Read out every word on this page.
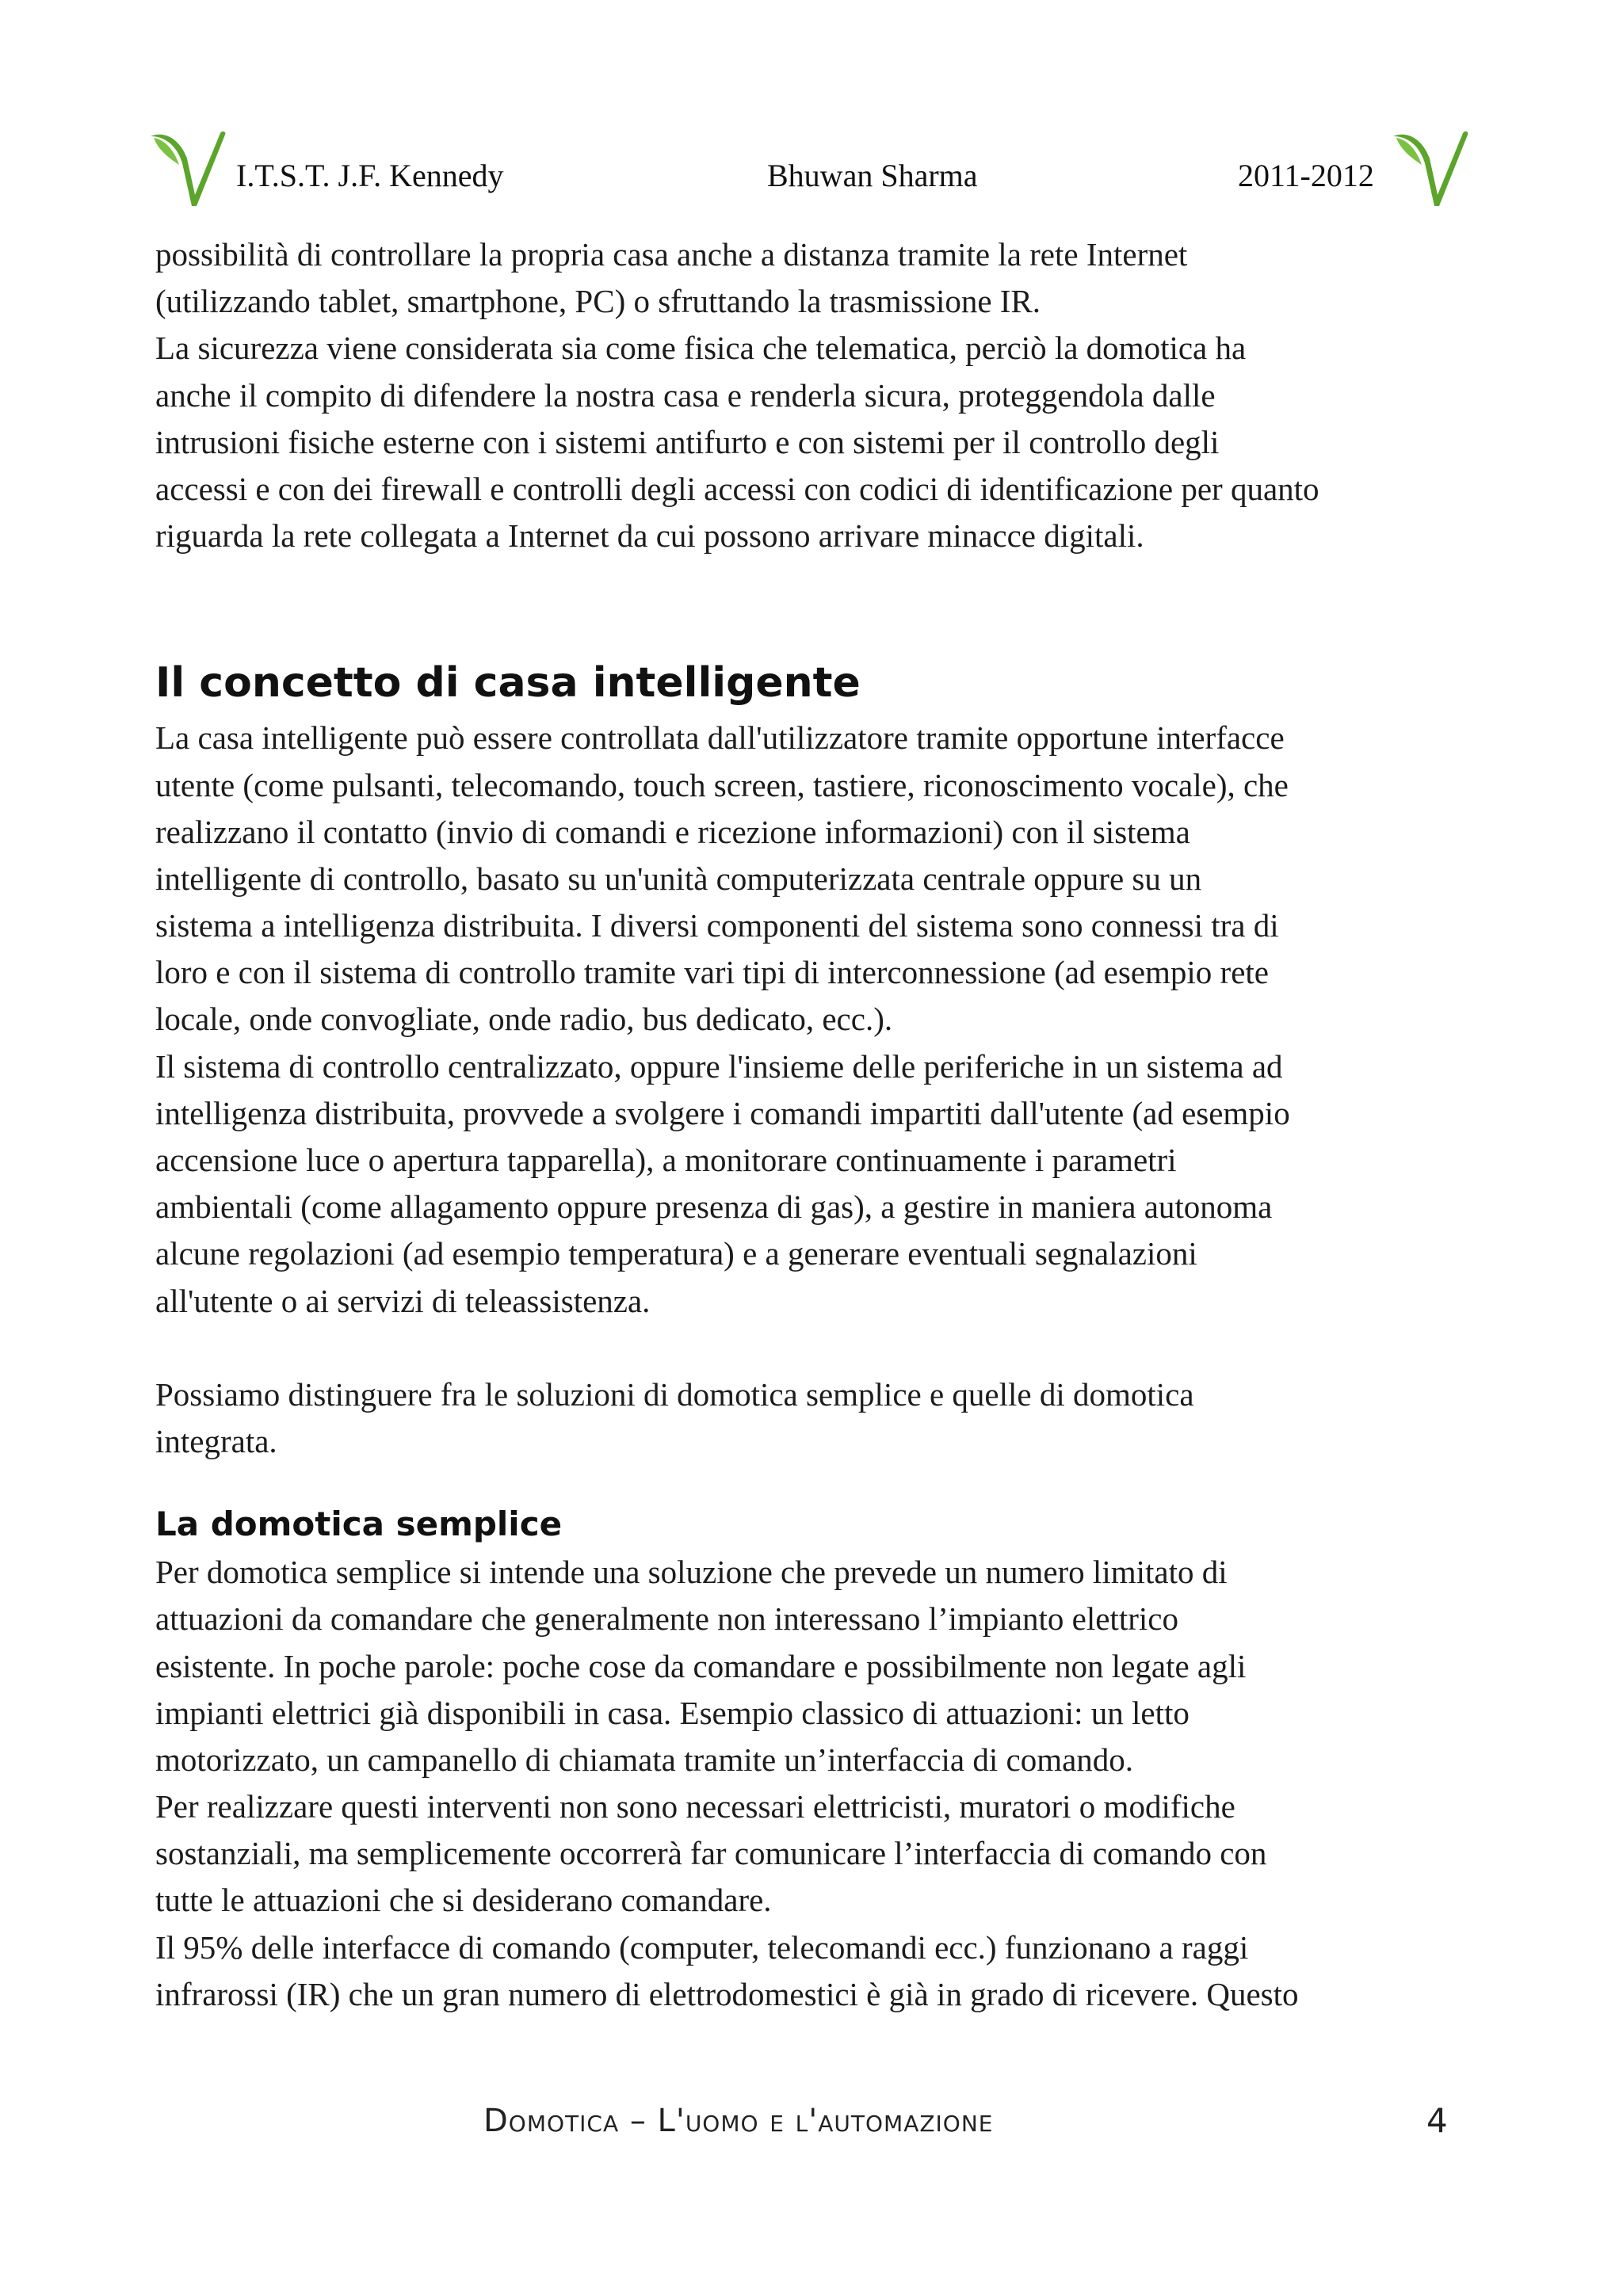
I.T.S.T. J.F. Kennedy	Bhuwan Sharma	2011-2012
possibilità di controllare la propria casa anche a distanza tramite la rete Internet
(utilizzando tablet, smartphone, PC) o sfruttando la trasmissione IR.
La sicurezza viene considerata sia come fisica che telematica, perciò la domotica ha
anche il compito di difendere la nostra casa e renderla sicura, proteggendola dalle
intrusioni fisiche esterne con i sistemi antifurto e con sistemi per il controllo degli
accessi e con dei firewall e controlli degli accessi con codici di identificazione per quanto
riguarda la rete collegata a Internet da cui possono arrivare minacce digitali.
Il concetto di casa intelligente
La casa intelligente può essere controllata dall'utilizzatore tramite opportune interfacce
utente (come pulsanti, telecomando, touch screen, tastiere, riconoscimento vocale), che
realizzano il contatto (invio di comandi e ricezione informazioni) con il sistema
intelligente di controllo, basato su un'unità computerizzata centrale oppure su un
sistema a intelligenza distribuita. I diversi componenti del sistema sono connessi tra di
loro e con il sistema di controllo tramite vari tipi di interconnessione (ad esempio rete
locale, onde convogliate, onde radio, bus dedicato, ecc.).
Il sistema di controllo centralizzato, oppure l'insieme delle periferiche in un sistema ad
intelligenza distribuita, provvede a svolgere i comandi impartiti dall'utente (ad esempio
accensione luce o apertura tapparella), a monitorare continuamente i parametri
ambientali (come allagamento oppure presenza di gas), a gestire in maniera autonoma
alcune regolazioni (ad esempio temperatura) e a generare eventuali segnalazioni
all'utente o ai servizi di teleassistenza.
Possiamo distinguere fra le soluzioni di domotica semplice e quelle di domotica
integrata.
La domotica semplice
Per domotica semplice si intende una soluzione che prevede un numero limitato di
attuazioni da comandare che generalmente non interessano l’impianto elettrico
esistente. In poche parole: poche cose da comandare e possibilmente non legate agli
impianti elettrici già disponibili in casa. Esempio classico di attuazioni: un letto
motorizzato, un campanello di chiamata tramite un’interfaccia di comando.
Per realizzare questi interventi non sono necessari elettricisti, muratori o modifiche
sostanziali, ma semplicemente occorrerà far comunicare l’interfaccia di comando con
tutte le attuazioni che si desiderano comandare.
Il 95% delle interfacce di comando (computer, telecomandi ecc.) funzionano a raggi
infrarossi (IR) che un gran numero di elettrodomestici è già in grado di ricevere. Questo
Domotica – L'uomo e l'automazione	4
